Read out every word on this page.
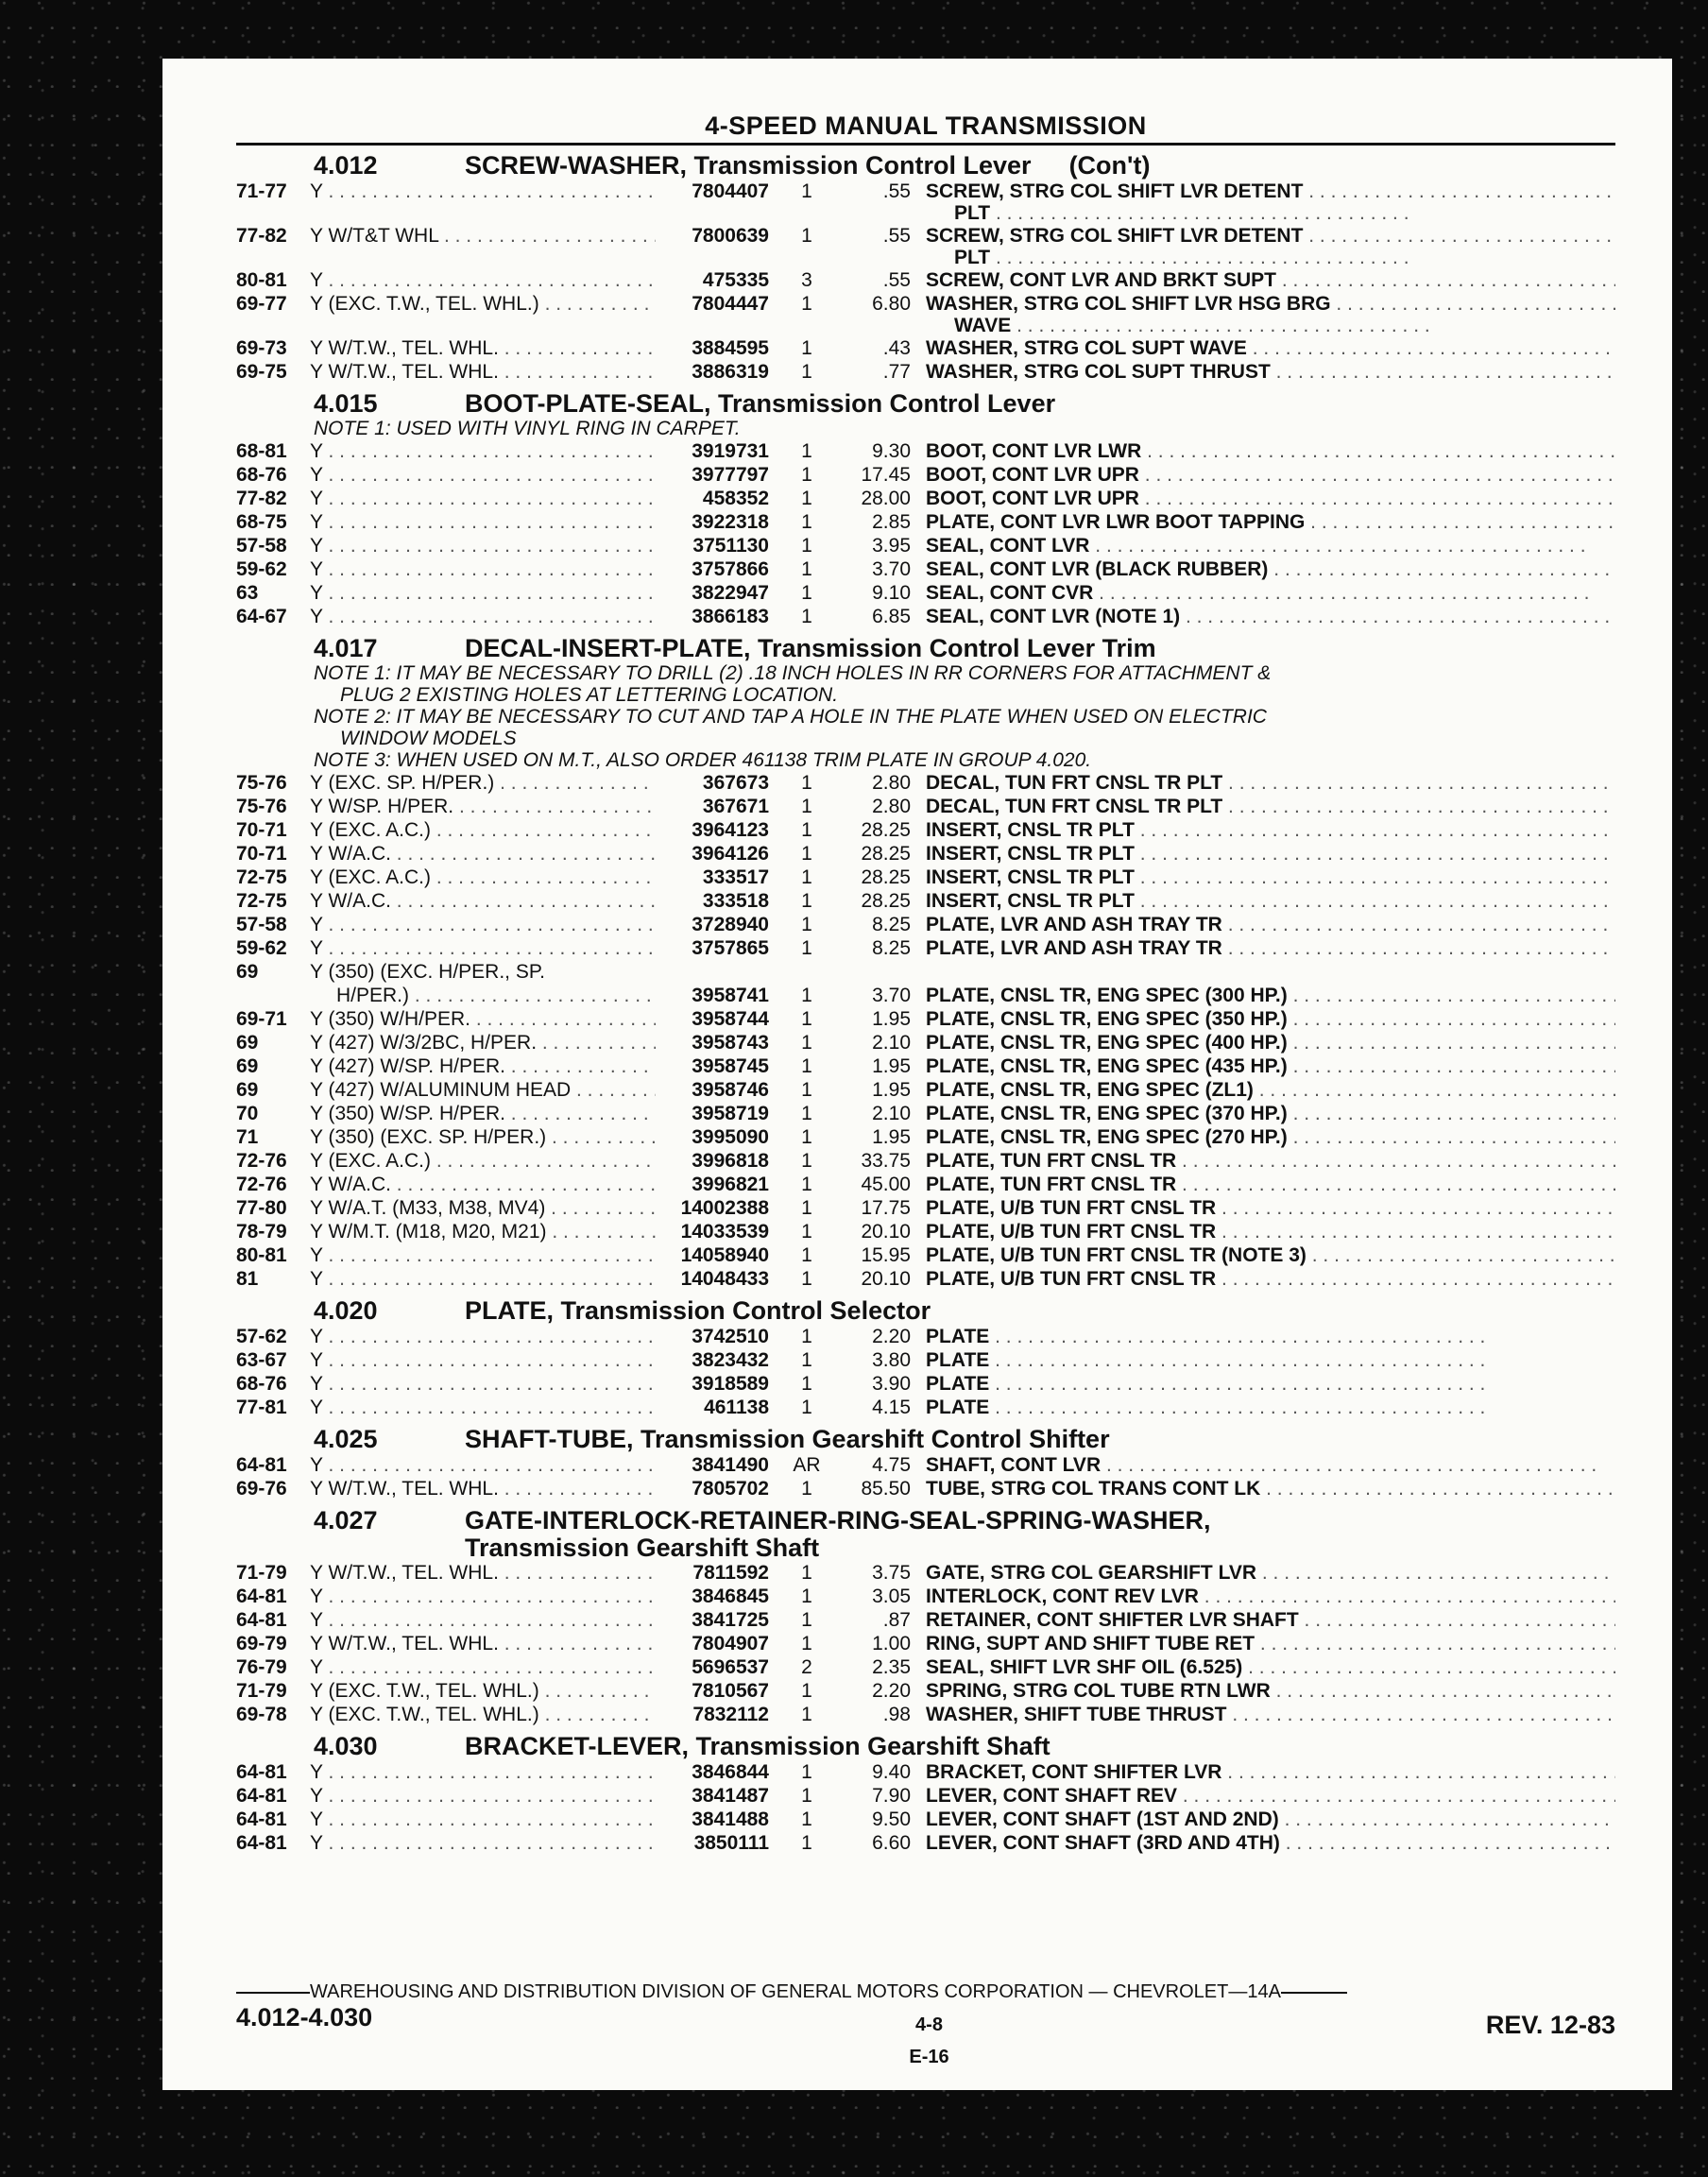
4-SPEED MANUAL TRANSMISSION
4.012	SCREW-WASHER, Transmission Control Lever (Con't)
71-77	Y . . .	7804407	1	.55 SCREW, STRG COL SHIFT LVR DETENT . . .
PLT . . .
77-82	Y W/T&T WHL . . .	7800639	1	.55 SCREW, STRG COL SHIFT LVR DETENT . . .
PLT . . .
80-81	Y . . .	475335	3	.55 SCREW, CONT LVR AND BRKT SUPT . . .
69-77	Y (EXC. T.W., TEL. WHL.) . . .	7804447	1	6.80 WASHER, STRG COL SHIFT LVR HSG BRG . . .
WAVE . . .
69-73	Y W/T.W., TEL. WHL. . . .	3884595	1	.43 WASHER, STRG COL SUPT WAVE . . .
69-75	Y W/T.W., TEL. WHL. . . .	3886319	1	.77 WASHER, STRG COL SUPT THRUST . . .
4.015	BOOT-PLATE-SEAL, Transmission Control Lever
NOTE 1: USED WITH VINYL RING IN CARPET.
68-81	Y . . .	3919731	1	9.30 BOOT, CONT LVR LWR . . .
68-76	Y . . .	3977797	1	17.45 BOOT, CONT LVR UPR . . .
77-82	Y . . .	458352	1	28.00 BOOT, CONT LVR UPR . . .
68-75	Y . . .	3922318	1	2.85 PLATE, CONT LVR LWR BOOT TAPPING . . .
57-58	Y . . .	3751130	1	3.95 SEAL, CONT LVR . . .
59-62	Y . . .	3757866	1	3.70 SEAL, CONT LVR (BLACK RUBBER) . . .
63	Y . . .	3822947	1	9.10 SEAL, CONT CVR . . .
64-67	Y . . .	3866183	1	6.85 SEAL, CONT LVR (NOTE 1) . . .
4.017	DECAL-INSERT-PLATE, Transmission Control Lever Trim
NOTE 1: IT MAY BE NECESSARY TO DRILL (2) .18 INCH HOLES IN RR CORNERS FOR ATTACHMENT &
PLUG 2 EXISTING HOLES AT LETTERING LOCATION.
NOTE 2: IT MAY BE NECESSARY TO CUT AND TAP A HOLE IN THE PLATE WHEN USED ON ELECTRIC
WINDOW MODELS
NOTE 3: WHEN USED ON M.T., ALSO ORDER 461138 TRIM PLATE IN GROUP 4.020.
75-76	Y (EXC. SP. H/PER.) . . .	367673	1	2.80 DECAL, TUN FRT CNSL TR PLT . . .
75-76	Y W/SP. H/PER. . . .	367671	1	2.80 DECAL, TUN FRT CNSL TR PLT . . .
70-71	Y (EXC. A.C.) . . .	3964123	1	28.25 INSERT, CNSL TR PLT . . .
70-71	Y W/A.C. . . .	3964126	1	28.25 INSERT, CNSL TR PLT . . .
72-75	Y (EXC. A.C.) . . .	333517	1	28.25 INSERT, CNSL TR PLT . . .
72-75	Y W/A.C. . . .	333518	1	28.25 INSERT, CNSL TR PLT . . .
57-58	Y . . .	3728940	1	8.25 PLATE, LVR AND ASH TRAY TR . . .
59-62	Y . . .	3757865	1	8.25 PLATE, LVR AND ASH TRAY TR . . .
69	Y (350) (EXC. H/PER., SP.
H/PER.) . . .	3958741	1	3.70 PLATE, CNSL TR, ENG SPEC (300 HP.) . . .
69-71	Y (350) W/H/PER. . . .	3958744	1	1.95 PLATE, CNSL TR, ENG SPEC (350 HP.) . . .
69	Y (427) W/3/2BC, H/PER. . . .	3958743	1	2.10 PLATE, CNSL TR, ENG SPEC (400 HP.) . . .
69	Y (427) W/SP. H/PER. . . .	3958745	1	1.95 PLATE, CNSL TR, ENG SPEC (435 HP.) . . .
69	Y (427) W/ALUMINUM HEAD . . .	3958746	1	1.95 PLATE, CNSL TR, ENG SPEC (ZL1) . . .
70	Y (350) W/SP. H/PER. . . .	3958719	1	2.10 PLATE, CNSL TR, ENG SPEC (370 HP.) . . .
71	Y (350) (EXC. SP. H/PER.) . . .	3995090	1	1.95 PLATE, CNSL TR, ENG SPEC (270 HP.) . . .
72-76	Y (EXC. A.C.) . . .	3996818	1	33.75 PLATE, TUN FRT CNSL TR . . .
72-76	Y W/A.C. . . .	3996821	1	45.00 PLATE, TUN FRT CNSL TR . . .
77-80	Y W/A.T. (M33, M38, MV4) . . .	14002388	1	17.75 PLATE, U/B TUN FRT CNSL TR . . .
78-79	Y W/M.T. (M18, M20, M21) . . .	14033539	1	20.10 PLATE, U/B TUN FRT CNSL TR . . .
80-81	Y . . .	14058940	1	15.95 PLATE, U/B TUN FRT CNSL TR (NOTE 3) . . .
81	Y . . .	14048433	1	20.10 PLATE, U/B TUN FRT CNSL TR . . .
4.020	PLATE, Transmission Control Selector
57-62	Y . . .	3742510	1	2.20 PLATE . . .
63-67	Y . . .	3823432	1	3.80 PLATE . . .
68-76	Y . . .	3918589	1	3.90 PLATE . . .
77-81	Y . . .	461138	1	4.15 PLATE . . .
4.025	SHAFT-TUBE, Transmission Gearshift Control Shifter
64-81	Y . . .	3841490	AR	4.75 SHAFT, CONT LVR . . .
69-76	Y W/T.W., TEL. WHL. . . .	7805702	1	85.50 TUBE, STRG COL TRANS CONT LK . . .
4.027	GATE-INTERLOCK-RETAINER-RING-SEAL-SPRING-WASHER,
Transmission Gearshift Shaft
71-79	Y W/T.W., TEL. WHL. . . .	7811592	1	3.75 GATE, STRG COL GEARSHIFT LVR . . .
64-81	Y . . .	3846845	1	3.05 INTERLOCK, CONT REV LVR . . .
64-81	Y . . .	3841725	1	.87 RETAINER, CONT SHIFTER LVR SHAFT . . .
69-79	Y W/T.W., TEL. WHL. . . .	7804907	1	1.00 RING, SUPT AND SHIFT TUBE RET . . .
76-79	Y . . .	5696537	2	2.35 SEAL, SHIFT LVR SHF OIL (6.525) . . .
71-79	Y (EXC. T.W., TEL. WHL.) . . .	7810567	1	2.20 SPRING, STRG COL TUBE RTN LWR . . .
69-78	Y (EXC. T.W., TEL. WHL.) . . .	7832112	1	.98 WASHER, SHIFT TUBE THRUST . . .
4.030	BRACKET-LEVER, Transmission Gearshift Shaft
64-81	Y . . .	3846844	1	9.40 BRACKET, CONT SHIFTER LVR . . .
64-81	Y . . .	3841487	1	7.90 LEVER, CONT SHAFT REV . . .
64-81	Y . . .	3841488	1	9.50 LEVER, CONT SHAFT (1ST AND 2ND) . . .
64-81	Y . . .	3850111	1	6.60 LEVER, CONT SHAFT (3RD AND 4TH) . . .
WAREHOUSING AND DISTRIBUTION DIVISION OF GENERAL MOTORS CORPORATION — CHEVROLET—14A
4.012-4.030	4-8
E-16
REV. 12-83
